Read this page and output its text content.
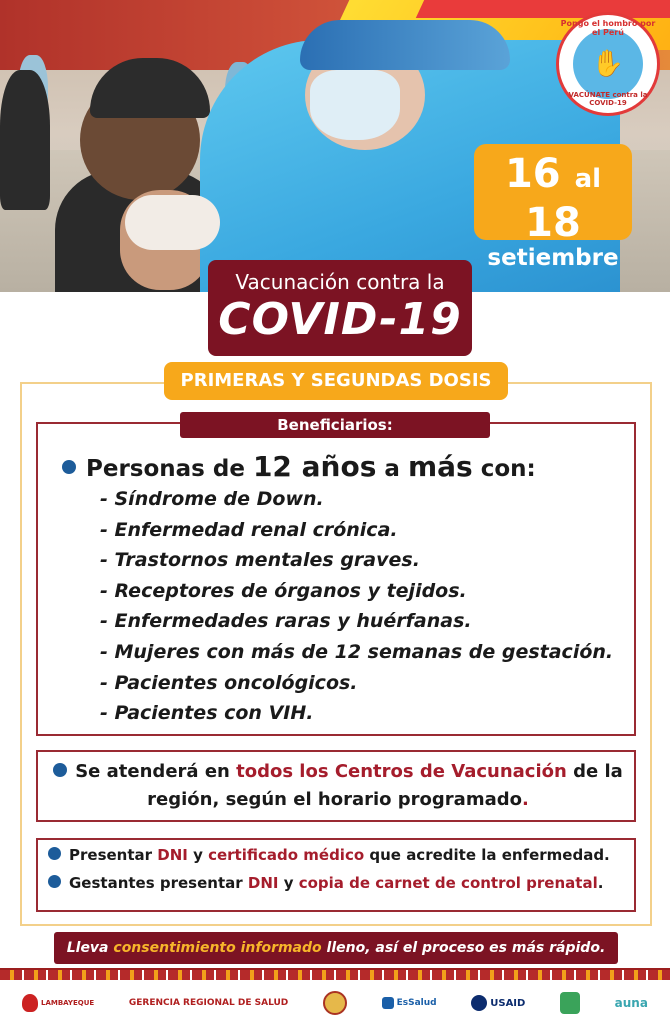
Pongo el hombro por el Perú
✋
VACÚNATE contra la COVID-19
16 al 18
setiembre
Vacunación contra la
COVID-19
PRIMERAS Y SEGUNDAS DOSIS
Beneficiarios:
Personas de 12 años a más con:
- Síndrome de Down.
- Enfermedad renal crónica.
- Trastornos mentales graves.
- Receptores de órganos y tejidos.
- Enfermedades raras y huérfanas.
- Mujeres con más de 12 semanas de gestación.
- Pacientes oncológicos.
- Pacientes con VIH.
Se atenderá en todos los Centros de Vacunación de la región, según el horario programado.
Presentar DNI y certificado médico que acredite la enfermedad.
Gestantes presentar DNI y copia de carnet de control prenatal.
Lleva consentimiento informado lleno, así el proceso es más rápido.
LAMBAYEQUE	GERENCIA REGIONAL DE SALUD	EsSalud	USAID	auna
